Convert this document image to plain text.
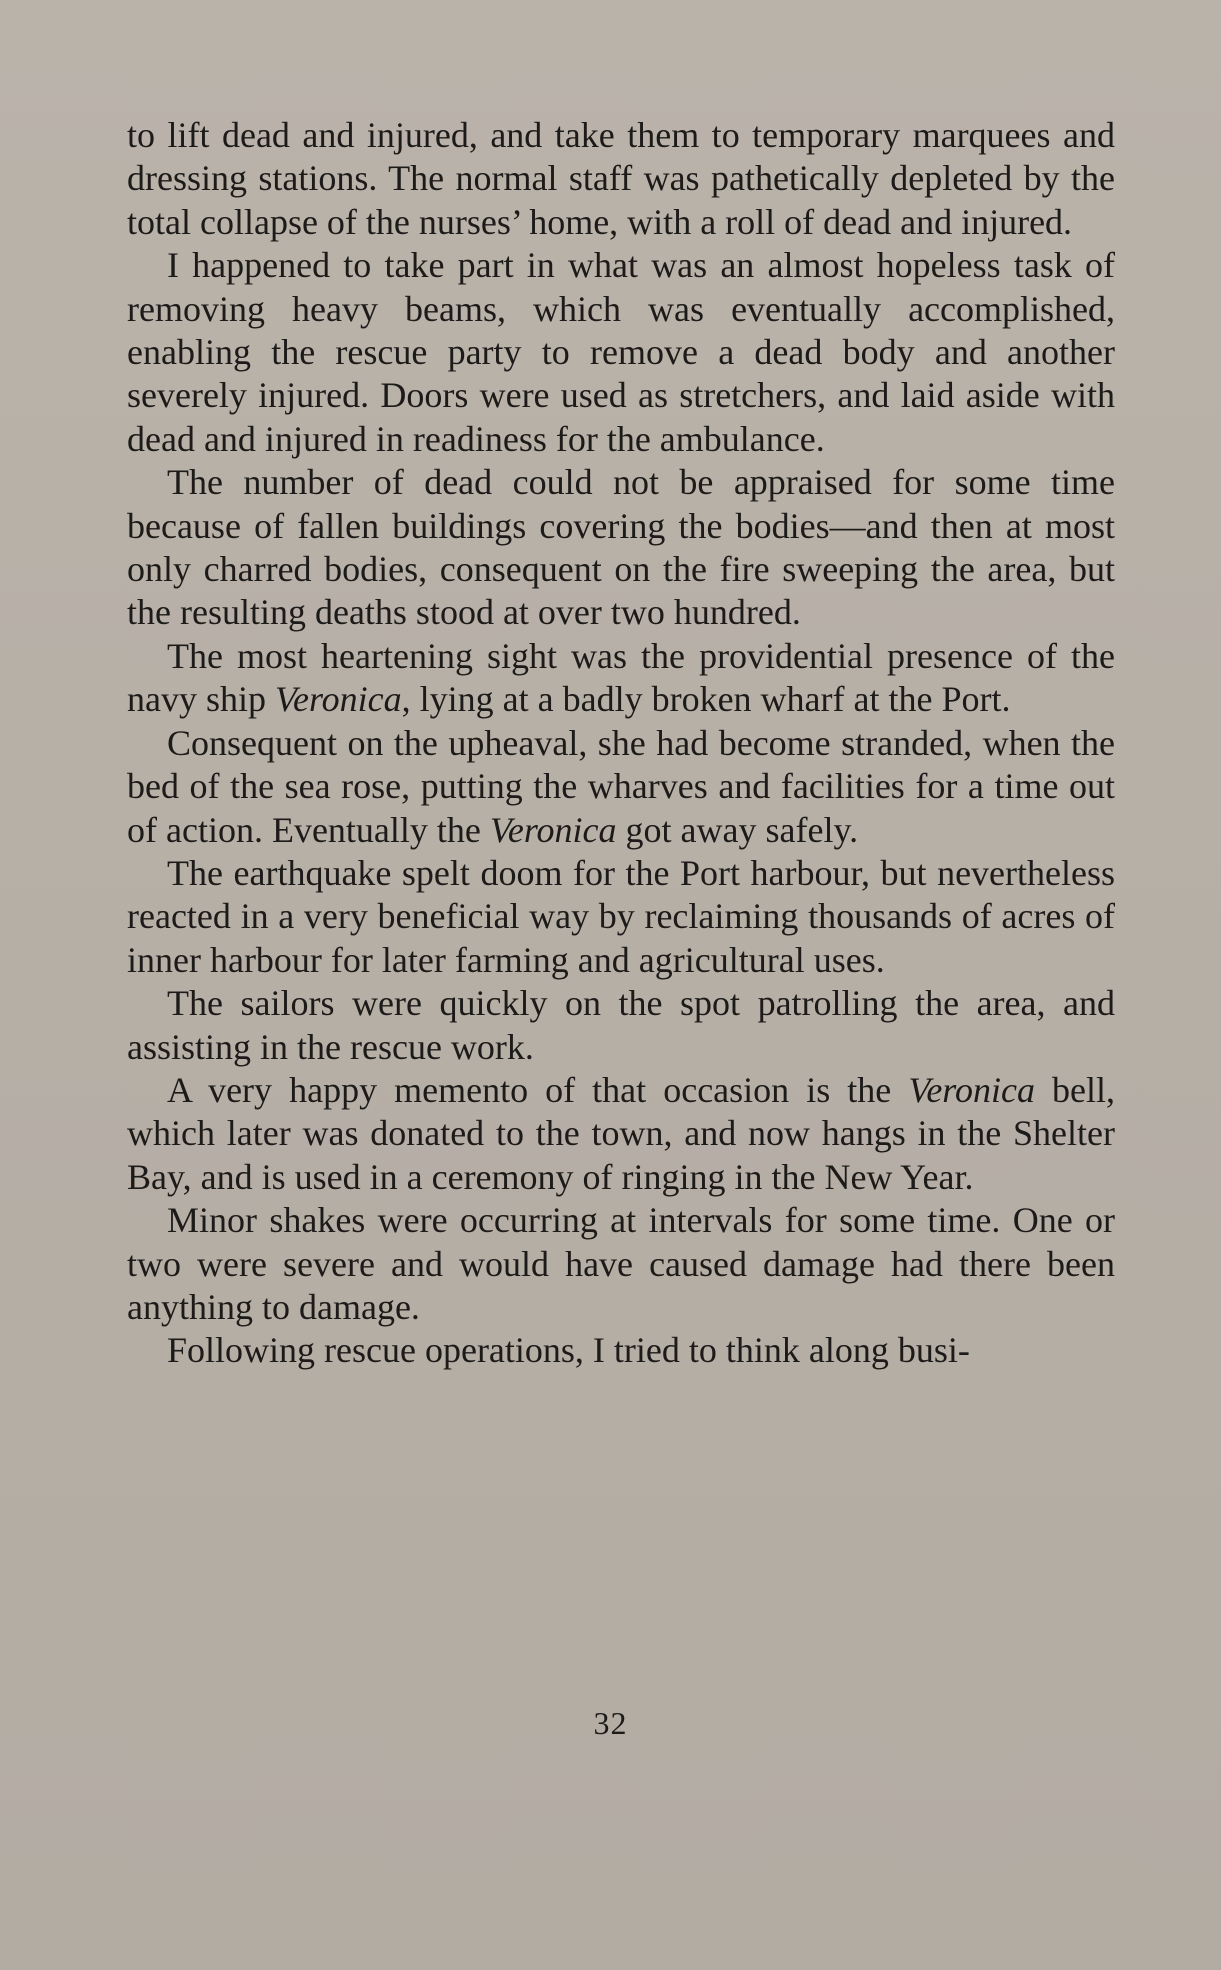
to lift dead and injured, and take them to temporary marquees and dressing stations. The normal staff was pathetically depleted by the total collapse of the nurses’ home, with a roll of dead and injured.

I happened to take part in what was an almost hopeless task of removing heavy beams, which was eventually accomplished, enabling the rescue party to remove a dead body and another severely injured. Doors were used as stretchers, and laid aside with dead and injured in readiness for the ambulance.

The number of dead could not be appraised for some time because of fallen buildings covering the bodies—and then at most only charred bodies, consequent on the fire sweeping the area, but the resulting deaths stood at over two hundred.

The most heartening sight was the providential presence of the navy ship Veronica, lying at a badly broken wharf at the Port.

Consequent on the upheaval, she had become stranded, when the bed of the sea rose, putting the wharves and facilities for a time out of action. Eventually the Veronica got away safely.

The earthquake spelt doom for the Port harbour, but nevertheless reacted in a very beneficial way by reclaiming thousands of acres of inner harbour for later farming and agricultural uses.

The sailors were quickly on the spot patrolling the area, and assisting in the rescue work.

A very happy memento of that occasion is the Veronica bell, which later was donated to the town, and now hangs in the Shelter Bay, and is used in a ceremony of ringing in the New Year.

Minor shakes were occurring at intervals for some time. One or two were severe and would have caused damage had there been anything to damage.

Following rescue operations, I tried to think along busi-

32
